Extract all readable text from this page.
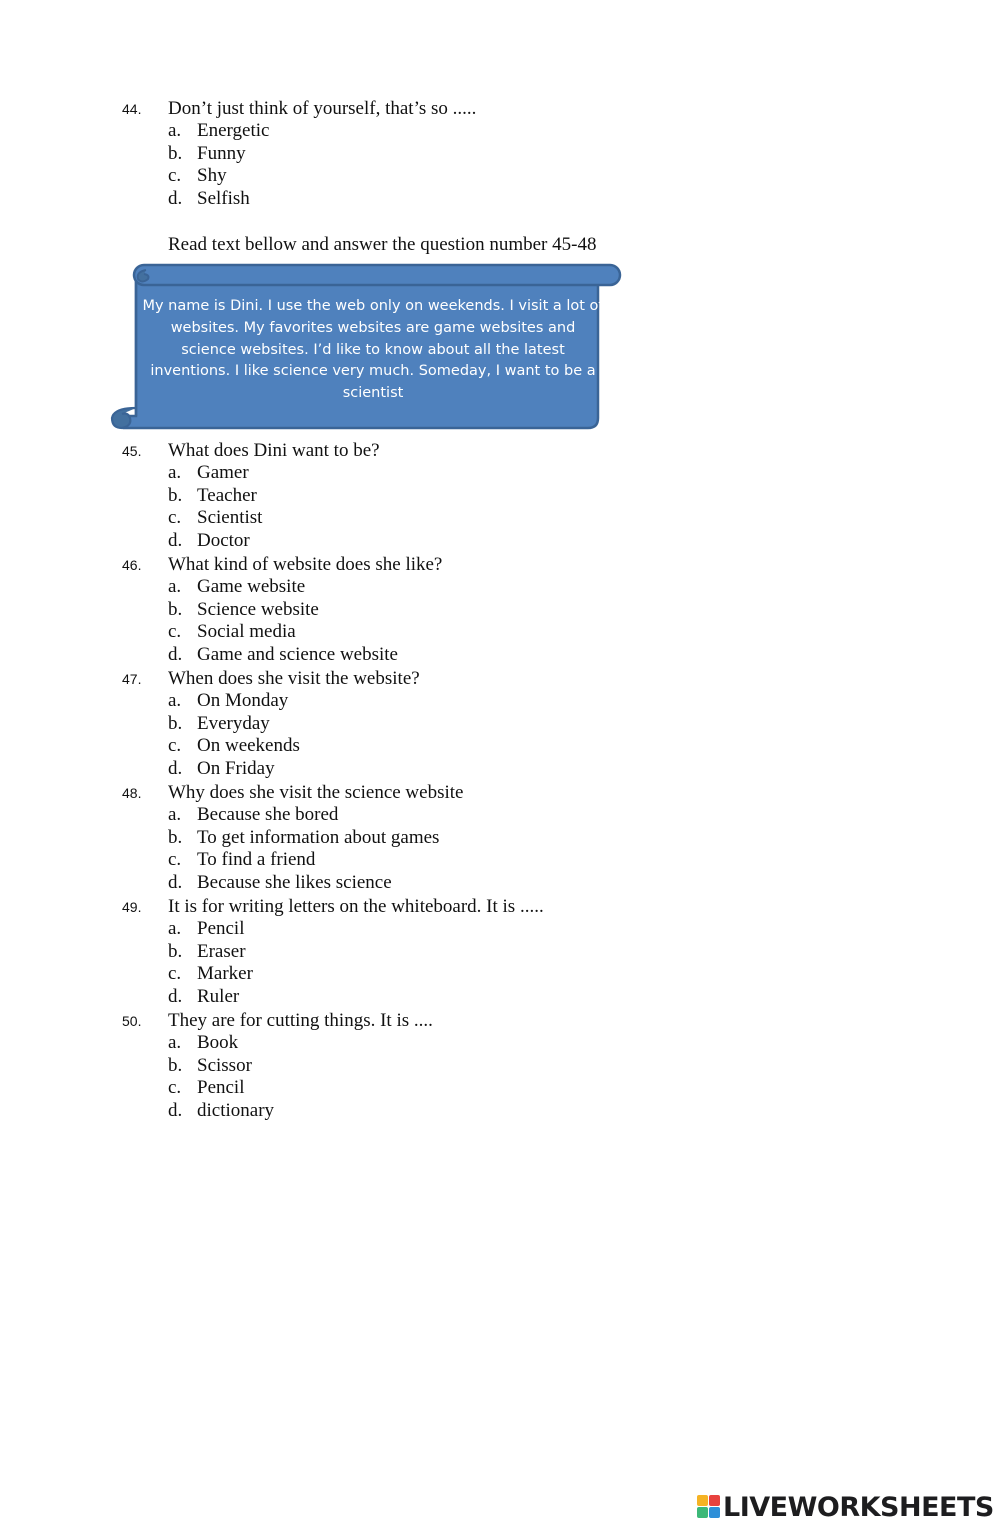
44. Don’t just think of yourself, that’s so .....
a. Energetic
b. Funny
c. Shy
d. Selfish
Read text bellow and answer the question number 45-48
My name is Dini. I use the web only on weekends. I visit a lot of websites. My favorites websites are game websites and science websites. I’d like to know about all the latest inventions. I like science very much. Someday, I want to be a scientist
45. What does Dini want to be?
a. Gamer
b. Teacher
c. Scientist
d. Doctor
46. What kind of website does she like?
a. Game website
b. Science website
c. Social media
d. Game and science website
47. When does she visit the website?
a. On Monday
b. Everyday
c. On weekends
d. On Friday
48. Why does she visit the science website
a. Because she bored
b. To get information about games
c. To find a friend
d. Because she likes science
49. It is for writing letters on the whiteboard. It is .....
a. Pencil
b. Eraser
c. Marker
d. Ruler
50. They are for cutting things. It is ....
a. Book
b. Scissor
c. Pencil
d. dictionary
LIVEWORKSHEETS
